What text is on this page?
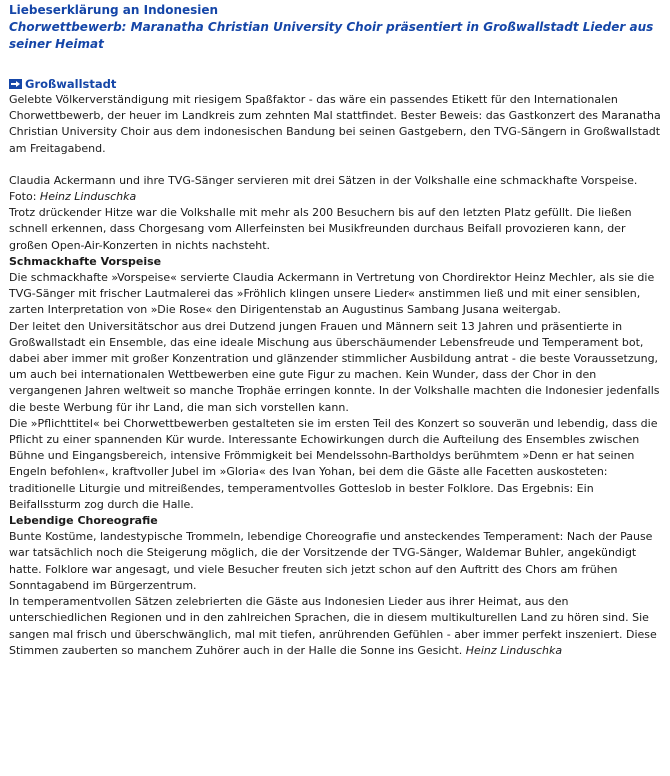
Liebeserklärung an Indonesien
Chorwettbewerb: Maranatha Christian University Choir präsentiert in Großwallstadt Lieder aus seiner Heimat
Großwallstadt

Gelebte Völkerverständigung mit riesigem Spaßfaktor - das wäre ein passendes Etikett für den Internationalen Chorwettbewerb, der heuer im Landkreis zum zehnten Mal stattfindet. Bester Beweis: das Gastkonzert des Maranatha Christian University Choir aus dem indonesischen Bandung bei seinen Gastgebern, den TVG-Sängern in Großwallstadt am Freitagabend.

Claudia Ackermann und ihre TVG-Sänger servieren mit drei Sätzen in der Volkshalle eine schmackhafte Vorspeise. Foto: Heinz Linduschka

Trotz drückender Hitze war die Volkshalle mit mehr als 200 Besuchern bis auf den letzten Platz gefüllt. Die ließen schnell erkennen, dass Chorgesang vom Allerfeinsten bei Musikfreunden durchaus Beifall provozieren kann, der großen Open-Air-Konzerten in nichts nachsteht.

Schmackhafte Vorspeise

Die schmackhafte »Vorspeise« servierte Claudia Ackermann in Vertretung von Chordirektor Heinz Mechler, als sie die TVG-Sänger mit frischer Lautmalerei das »Fröhlich klingen unsere Lieder« anstimmen ließ und mit einer sensiblen, zarten Interpretation von »Die Rose« den Dirigentenstab an Augustinus Sambang Jusana weitergab.

Der leitet den Universitätschor aus drei Dutzend jungen Frauen und Männern seit 13 Jahren und präsentierte in Großwallstadt ein Ensemble, das eine ideale Mischung aus überschäumender Lebensfreude und Temperament bot, dabei aber immer mit großer Konzentration und glänzender stimmlicher Ausbildung antrat - die beste Voraussetzung, um auch bei internationalen Wettbewerben eine gute Figur zu machen. Kein Wunder, dass der Chor in den vergangenen Jahren weltweit so manche Trophäe erringen konnte. In der Volkshalle machten die Indonesier jedenfalls die beste Werbung für ihr Land, die man sich vorstellen kann.

Die »Pflichttitel« bei Chorwettbewerben gestalteten sie im ersten Teil des Konzert so souverän und lebendig, dass die Pflicht zu einer spannenden Kür wurde. Interessante Echowirkungen durch die Aufteilung des Ensembles zwischen Bühne und Eingangsbereich, intensive Frömmigkeit bei Mendelssohn-Bartholdys berühmtem »Denn er hat seinen Engeln befohlen«, kraftvoller Jubel im »Gloria« des Ivan Yohan, bei dem die Gäste alle Facetten auskosteten: traditionelle Liturgie und mitreißendes, temperamentvolles Gotteslob in bester Folklore. Das Ergebnis: Ein Beifallssturm zog durch die Halle.

Lebendige Choreografie

Bunte Kostüme, landestypische Trommeln, lebendige Choreografie und ansteckendes Temperament: Nach der Pause war tatsächlich noch die Steigerung möglich, die der Vorsitzende der TVG-Sänger, Waldemar Buhler, angekündigt hatte. Folklore war angesagt, und viele Besucher freuten sich jetzt schon auf den Auftritt des Chors am frühen Sonntagabend im Bürgerzentrum.

In temperamentvollen Sätzen zelebrierten die Gäste aus Indonesien Lieder aus ihrer Heimat, aus den unterschiedlichen Regionen und in den zahlreichen Sprachen, die in diesem multikulturellen Land zu hören sind. Sie sangen mal frisch und überschwänglich, mal mit tiefen, anrührenden Gefühlen - aber immer perfekt inszeniert. Diese Stimmen zauberten so manchem Zuhörer auch in der Halle die Sonne ins Gesicht. Heinz Linduschka
